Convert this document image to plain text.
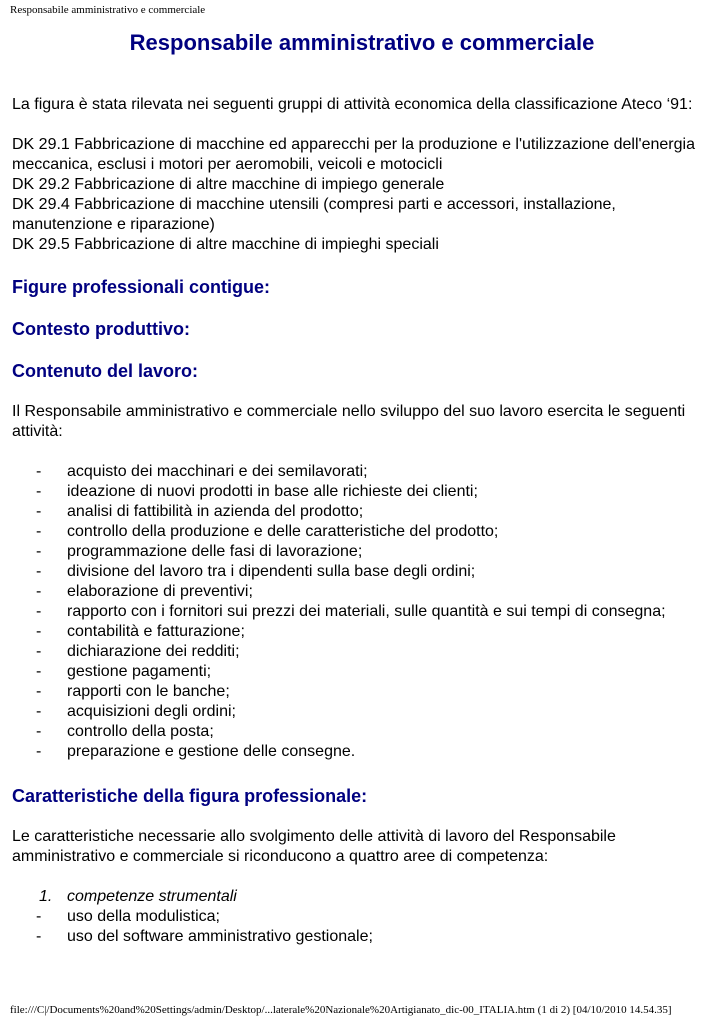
Responsabile amministrativo e commerciale
Responsabile amministrativo e commerciale

La figura è stata rilevata nei seguenti gruppi di attività economica della classificazione Ateco ‘91:

DK 29.1 Fabbricazione di macchine ed apparecchi per la produzione e l'utilizzazione dell'energia meccanica, esclusi i motori per aeromobili, veicoli e motocicli

DK 29.2 Fabbricazione di altre macchine di impiego generale

DK 29.4 Fabbricazione di macchine utensili (compresi parti e accessori, installazione, manutenzione e riparazione)

DK 29.5 Fabbricazione di altre macchine di impieghi speciali

Figure professionali contigue:
Contesto produttivo:
Contenuto del lavoro:

Il Responsabile amministrativo e commerciale nello sviluppo del suo lavoro esercita le seguenti attività:

- acquisto dei macchinari e dei semilavorati;
- ideazione di nuovi prodotti in base alle richieste dei clienti;
- analisi di fattibilità in azienda del prodotto;
- controllo della produzione e delle caratteristiche del prodotto;
- programmazione delle fasi di lavorazione;
- divisione del lavoro tra i dipendenti sulla base degli ordini;
- elaborazione di preventivi;
- rapporto con i fornitori sui prezzi dei materiali, sulle quantità e sui tempi di consegna;
- contabilità e fatturazione;
- dichiarazione dei redditi;
- gestione pagamenti;
- rapporti con le banche;
- acquisizioni degli ordini;
- controllo della posta;
- preparazione e gestione delle consegne.
Caratteristiche della figura professionale:

Le caratteristiche necessarie allo svolgimento delle attività di lavoro del Responsabile amministrativo e commerciale si riconducono a quattro aree di competenza:

1. competenze strumentali
- uso della modulistica;
- uso del software amministrativo gestionale;
file:///C|/Documents%20and%20Settings/admin/Desktop/...laterale%20Nazionale%20Artigianato_dic-00_ITALIA.htm (1 di 2) [04/10/2010 14.54.35]
